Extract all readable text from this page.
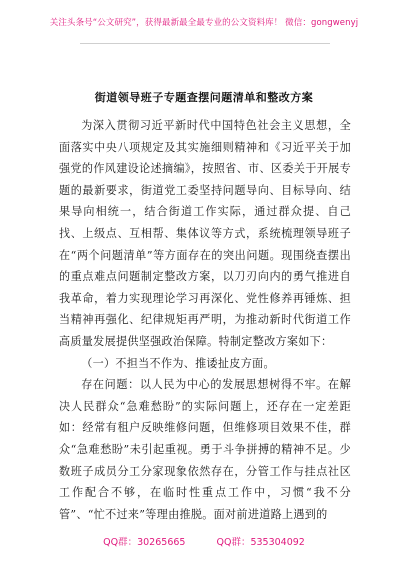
关注头条号“公文研究”，获得最新最全最专业的公文资料库！ 微信：gongwenyj
街道领导班子专题查摆问题清单和整改方案

为深入贯彻习近平新时代中国特色社会主义思想，全面落实中央八项规定及其实施细则精神和《习近平关于加强党的作风建设论述摘编》，按照省、市、区委关于开展专题的最新要求，街道党工委坚持问题导向、目标导向、结果导向相统一，结合街道工作实际，通过群众提、自己找、上级点、互相帮、集体议等方式，系统梳理领导班子在“两个问题清单”等方面存在的突出问题。现围绕查摆出的重点难点问题制定整改方案，以刀刃向内的勇气推进自我革命，着力实现理论学习再深化、党性修养再锤炼、担当精神再强化、纪律规矩再严明，为推动新时代街道工作高质量发展提供坚强政治保障。特制定整改方案如下：

（一）不担当不作为、推诿扯皮方面。

存在问题：以人民为中心的发展思想树得不牢。在解决人民群众“急难愁盼”的实际问题上，还存在一定差距如：经常有租户反映维修问题，但维修项目效果不佳，群众“急难愁盼”未引起重视。勇于斗争拼搏的精神不足。少数班子成员分工分家现象依然存在，分管工作与挂点社区工作配合不够，在临时性重点工作中，习惯“我不分管”、“忙不过来”等理由推脱。面对前进道路上遇到的

QQ群：30265665	QQ群：535304092
